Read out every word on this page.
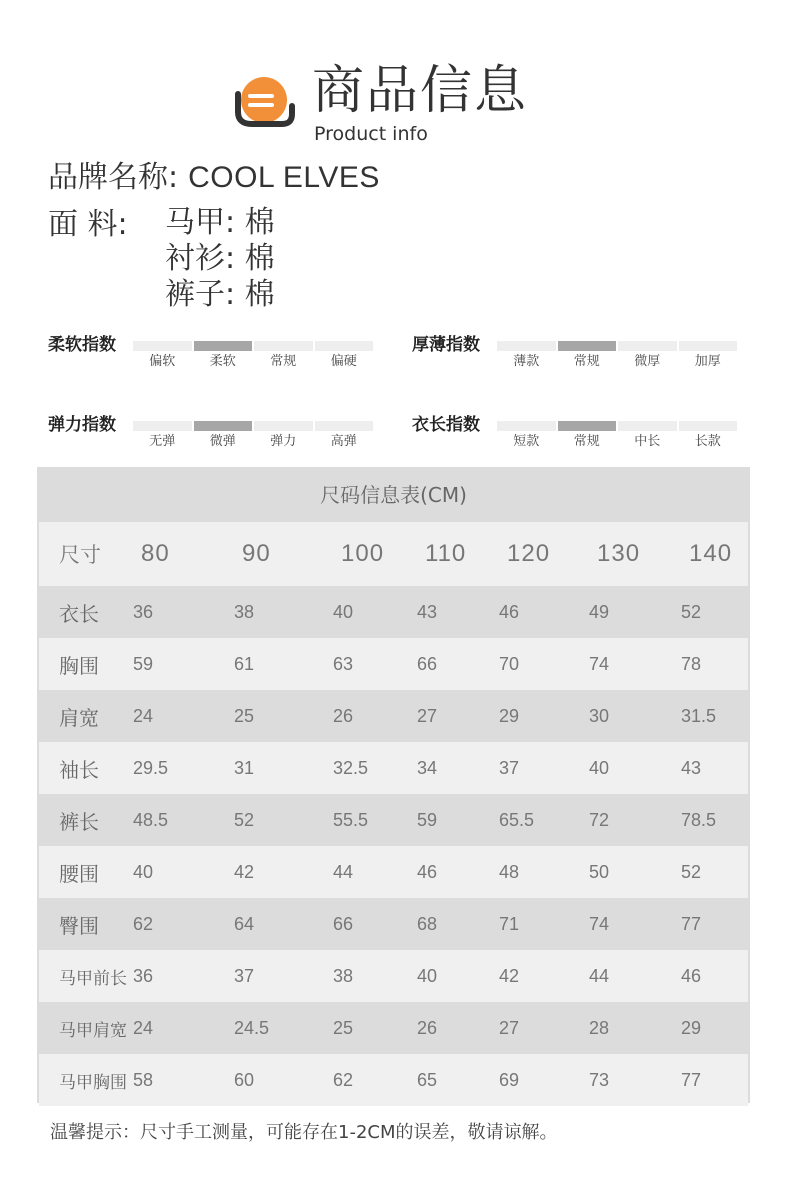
商品信息
Product info
品牌名称: COOL ELVES
面 料: 马甲: 棉
衬衫: 棉
裤子: 棉
柔软指数
偏软	柔软	常规	偏硬
厚薄指数
薄款	常规	微厚	加厚
弹力指数
无弹	微弹	弹力	高弹
衣长指数
短款	常规	中长	长款
尺码信息表(CM)
尺寸 80	90	100 110 120 130 140
衣长 36	38	40	43	46	49	52
胸围 59	61	63	66	70	74	78
肩宽 24	25	26	27	29	30	31.5
袖长 29.5	31	32.5	34	37	40	43
裤长 48.5	52	55.5	59	65.5	72	78.5
腰围 40	42	44	46	48	50	52
臀围 62	64	66	68	71	74	77
马甲前长 36	37	38	40	42	44	46
马甲肩宽 24	24.5	25	26	27	28	29
马甲胸围 58	60	62	65	69	73	77
温馨提示：尺寸手工测量，可能存在1-2CM的误差，敬请谅解。
